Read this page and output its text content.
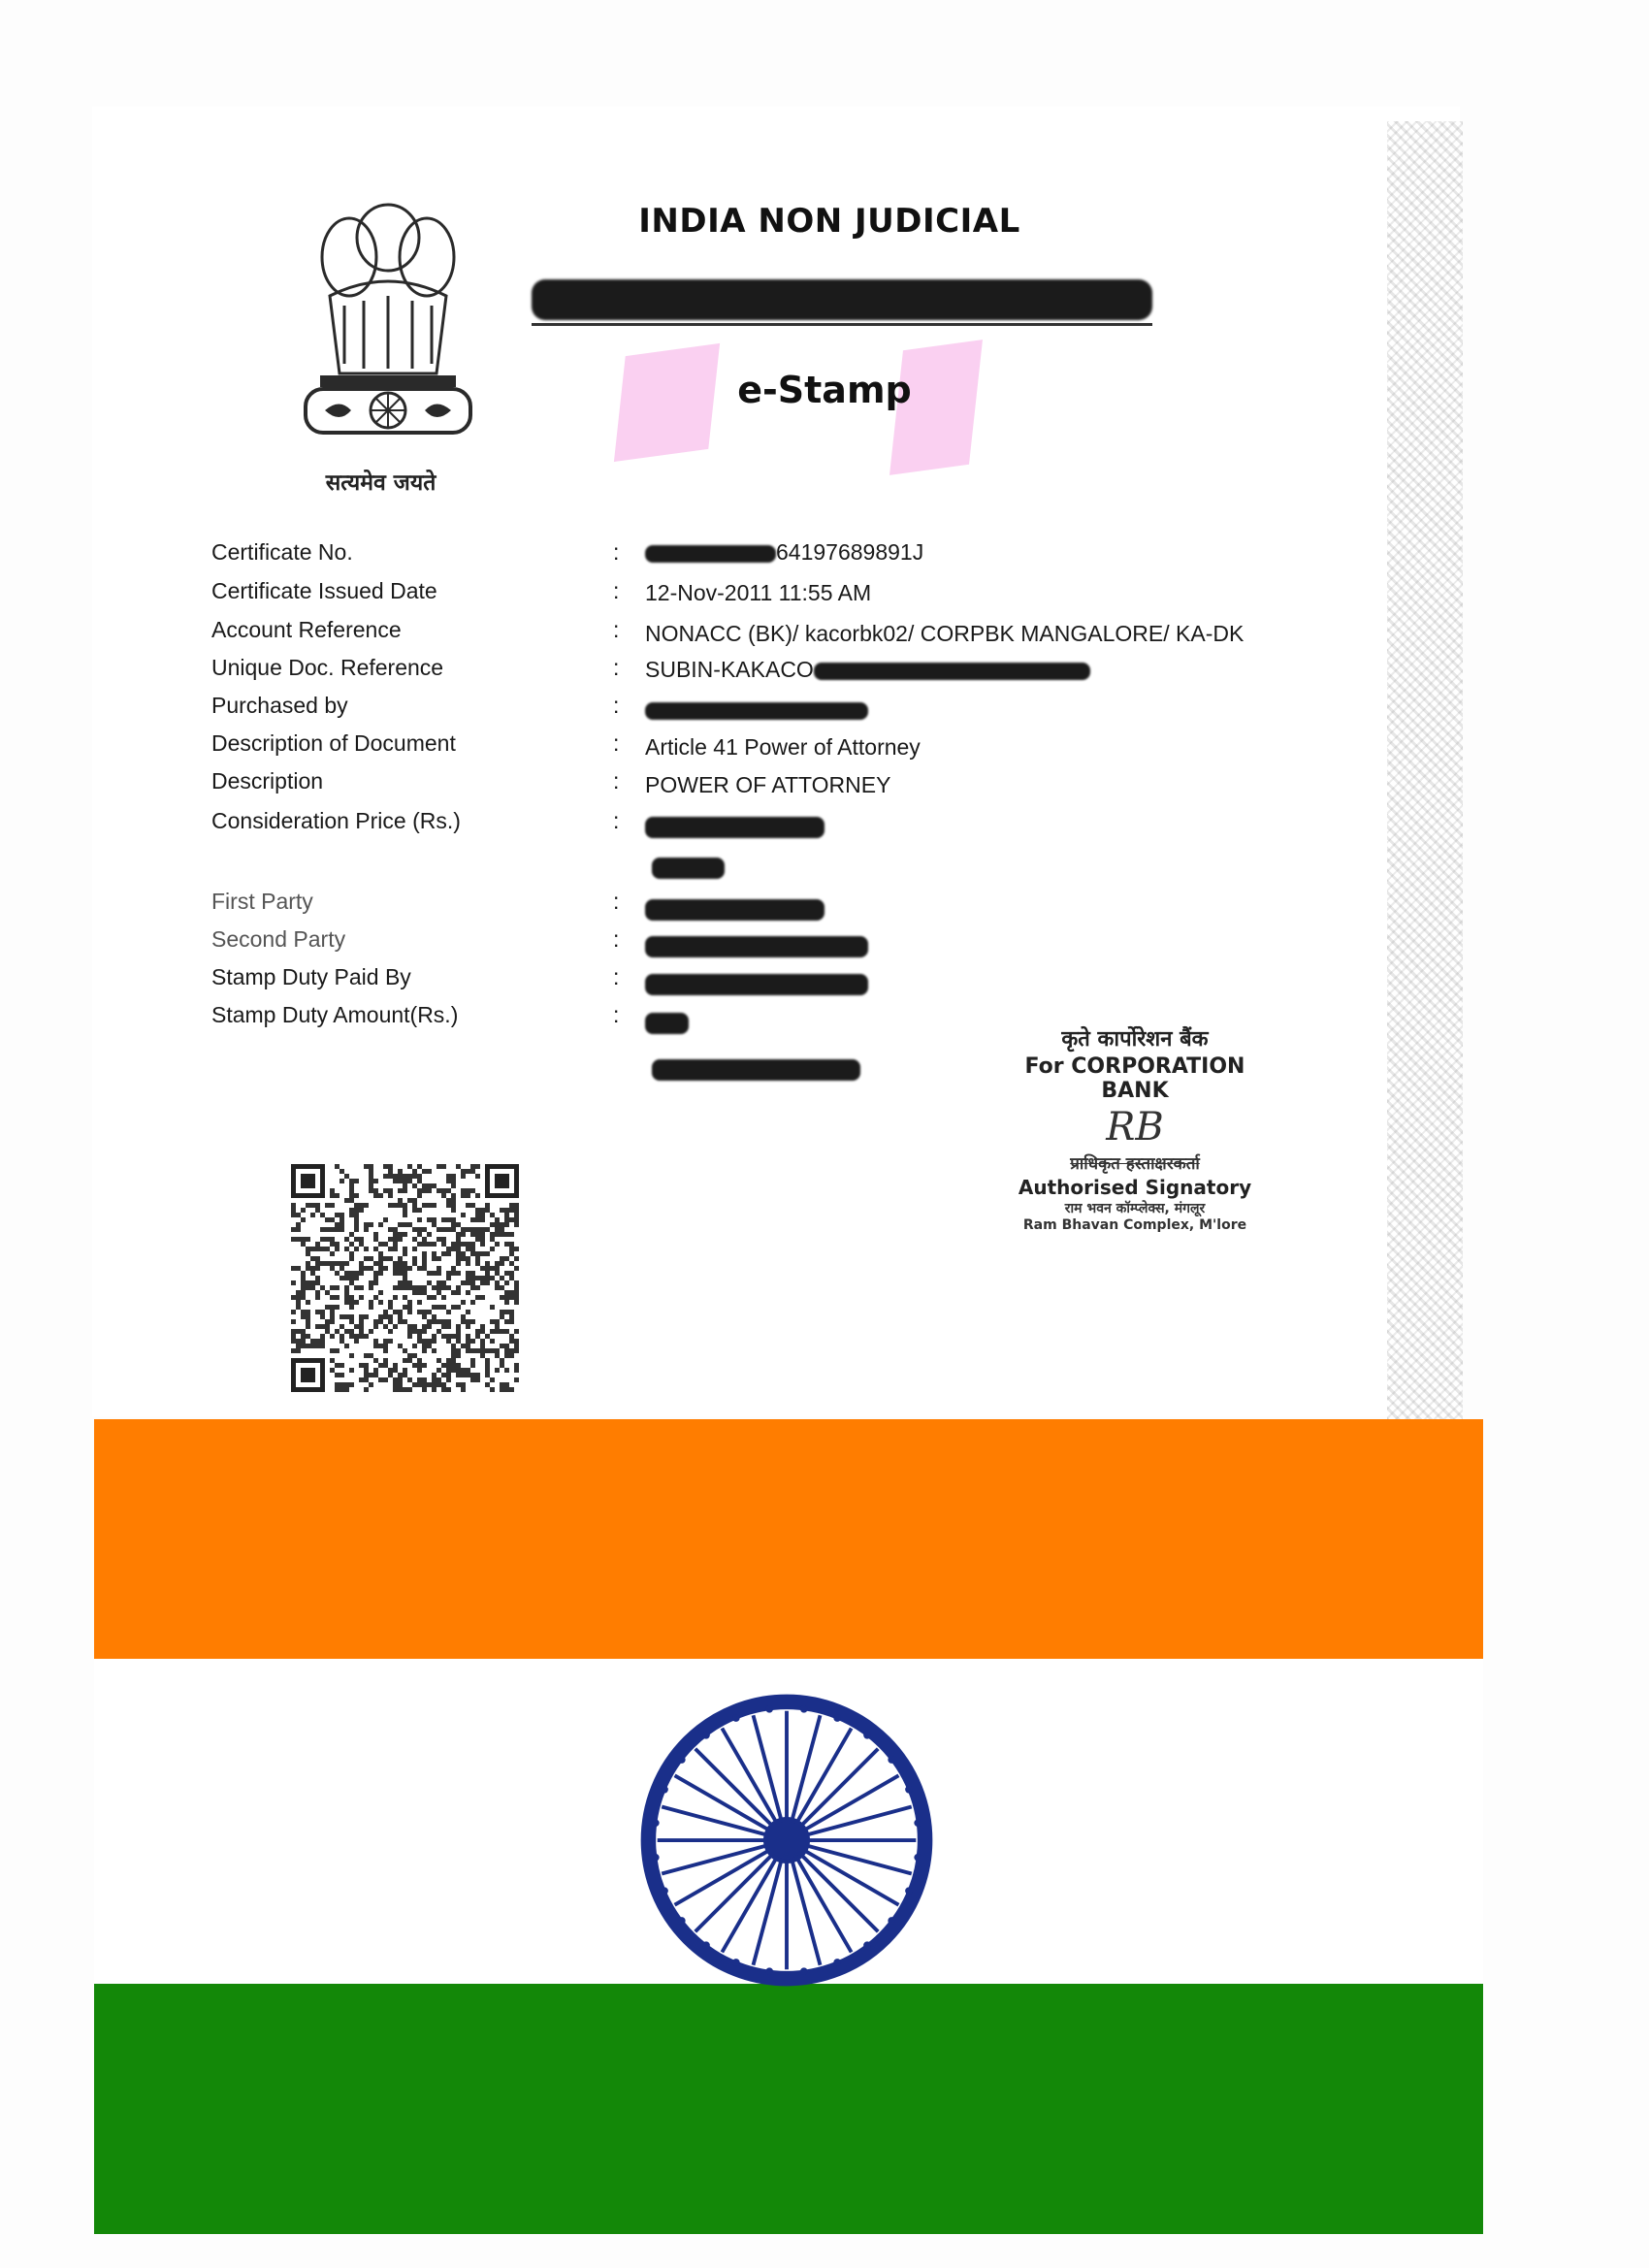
सत्यमेव जयते
INDIA NON JUDICIAL
e-Stamp
Certificate No.	:	64197689891J
Certificate Issued Date	: 12-Nov-2011 11:55 AM
Account Reference	: NONACC (BK)/ kacorbk02/ CORPBK MANGALORE/ KA-DK
Unique Doc. Reference	: SUBIN-KAKACO
Purchased by	:
Description of Document	: Article 41 Power of Attorney
Description	: POWER OF ATTORNEY
Consideration Price (Rs.)	:
First Party	:
Second Party	:
Stamp Duty Paid By	:
Stamp Duty Amount(Rs.)	:
कृते कार्पोरेशन बैंक
For CORPORATION BANK
RB
प्राधिकृत हस्ताक्षरकर्ता
Authorised Signatory
राम भवन कॉम्प्लेक्स, मंगलूर
Ram Bhavan Complex, M'lore
